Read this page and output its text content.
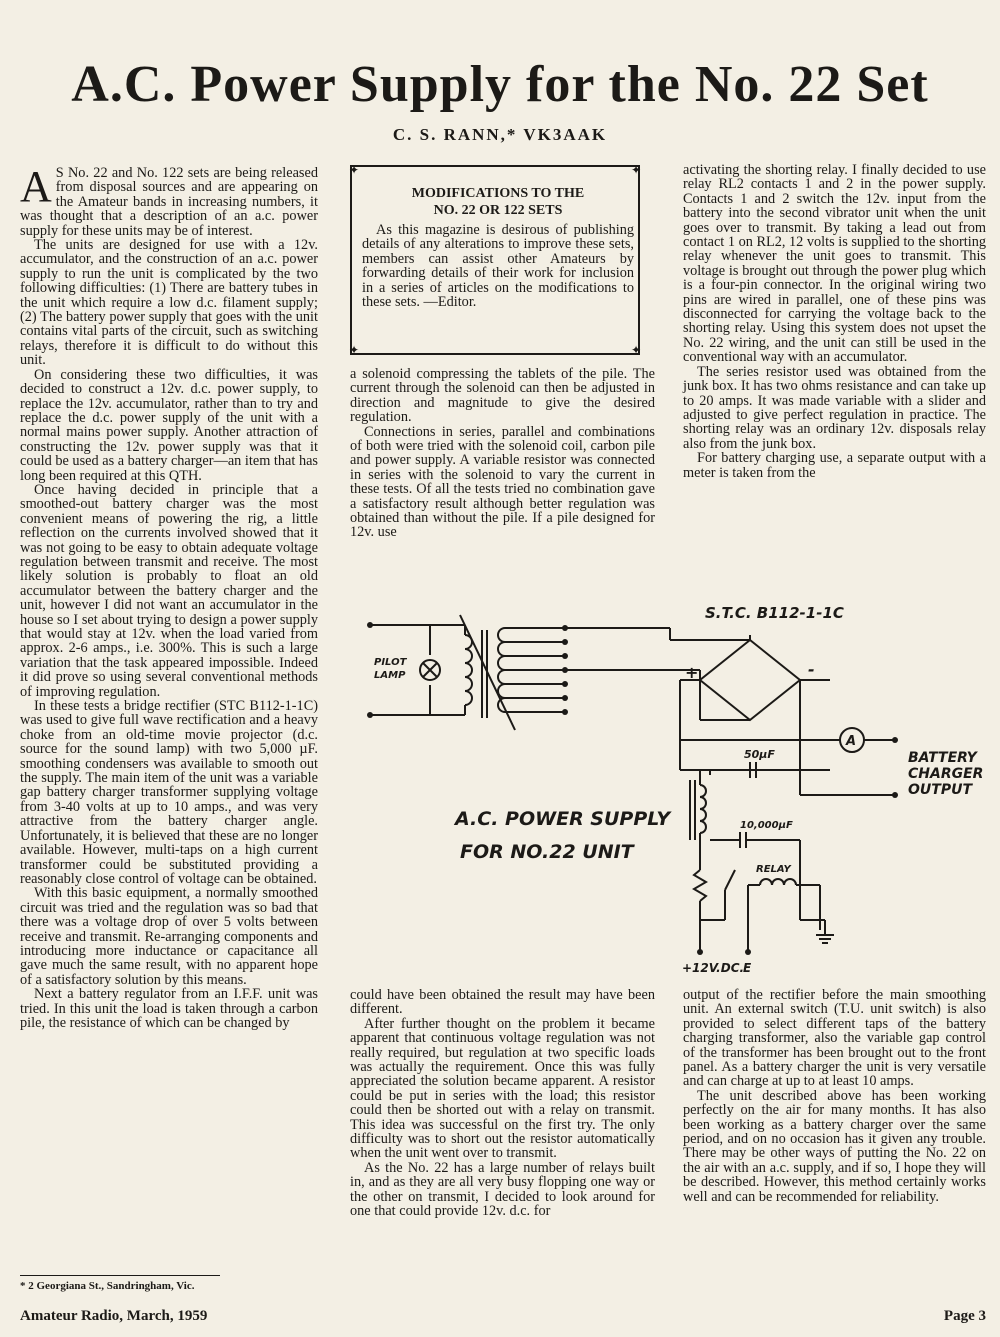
A.C. Power Supply for the No. 22 Set
C. S. RANN,* VK3AAK

A S No. 22 and No. 122 sets are being released from disposal sources and are appearing on the Amateur bands in increasing numbers, it was thought that a description of an a.c. power supply for these units may be of interest.

The units are designed for use with a 12v. accumulator, and the construction of an a.c. power supply to run the unit is complicated by the two following difficulties: (1) There are battery tubes in the unit which require a low d.c. filament supply; (2) The battery power supply that goes with the unit contains vital parts of the circuit, such as switching relays, therefore it is difficult to do without this unit.

On considering these two difficulties, it was decided to construct a 12v. d.c. power supply, to replace the 12v. accumulator, rather than to try and replace the d.c. power supply of the unit with a normal mains power supply. Another attraction of constructing the 12v. power supply was that it could be used as a battery charger—an item that has long been required at this QTH.

Once having decided in principle that a smoothed-out battery charger was the most convenient means of powering the rig, a little reflection on the currents involved showed that it was not going to be easy to obtain adequate voltage regulation between transmit and receive. The most likely solution is probably to float an old accumulator between the battery charger and the unit, however I did not want an accumulator in the house so I set about trying to design a power supply that would stay at 12v. when the load varied from approx. 2-6 amps., i.e. 300%. This is such a large variation that the task appeared impossible. Indeed it did prove so using several conventional methods of improving regulation.

In these tests a bridge rectifier (STC B112-1-1C) was used to give full wave rectification and a heavy choke from an old-time movie projector (d.c. source for the sound lamp) with two 5,000 µF. smoothing condensers was available to smooth out the supply. The main item of the unit was a variable gap battery charger transformer supplying voltage from 3-40 volts at up to 10 amps., and was very attractive from the battery charger angle. Unfortunately, it is believed that these are no longer available. However, multi-taps on a high current transformer could be substituted providing a reasonably close control of voltage can be obtained.

With this basic equipment, a normally smoothed circuit was tried and the regulation was so bad that there was a voltage drop of over 5 volts between receive and transmit. Re-arranging components and introducing more inductance or capacitance all gave much the same result, with no apparent hope of a satisfactory solution by this means.

Next a battery regulator from an I.F.F. unit was tried. In this unit the load is taken through a carbon pile, the resistance of which can be changed by

✦	✦
✦	✦
MODIFICATIONS TO THE
NO. 22 OR 122 SETS

As this magazine is desirous of publishing details of any alterations to improve these sets, members can assist other Amateurs by forwarding details of their work for inclusion in a series of articles on the modifications to these sets. —Editor.

a solenoid compressing the tablets of the pile. The current through the solenoid can then be adjusted in direction and magnitude to give the desired regulation.

Connections in series, parallel and combinations of both were tried with the solenoid coil, carbon pile and power supply. A variable resistor was connected in series with the solenoid to vary the current in these tests. Of all the tests tried no combination gave a satisfactory result although better regulation was obtained than without the pile. If a pile designed for 12v. use

could have been obtained the result may have been different.

After further thought on the problem it became apparent that continuous voltage regulation was not really required, but regulation at two specific loads was actually the requirement. Once this was fully appreciated the solution became apparent. A resistor could be put in series with the load; this resistor could then be shorted out with a relay on transmit. This idea was successful on the first try. The only difficulty was to short out the resistor automatically when the unit went over to transmit.

As the No. 22 has a large number of relays built in, and as they are all very busy flopping one way or the other on transmit, I decided to look around for one that could provide 12v. d.c. for

activating the shorting relay. I finally decided to use relay RL2 contacts 1 and 2 in the power supply. Contacts 1 and 2 switch the 12v. input from the battery into the second vibrator unit when the unit goes over to transmit. By taking a lead out from contact 1 on RL2, 12 volts is supplied to the shorting relay whenever the unit goes to transmit. This voltage is brought out through the power plug which is a four-pin connector. In the original wiring two pins are wired in parallel, one of these pins was disconnected for carrying the voltage back to the shorting relay. Using this system does not upset the No. 22 wiring, and the unit can still be used in the conventional way with an accumulator.

The series resistor used was obtained from the junk box. It has two ohms resistance and can take up to 20 amps. It was made variable with a slider and adjusted to give perfect regulation in practice. The shorting relay was an ordinary 12v. disposals relay also from the junk box.

For battery charging use, a separate output with a meter is taken from the

output of the rectifier before the main smoothing unit. An external switch (T.U. unit switch) is also provided to select different taps of the battery charging transformer, also the variable gap control of the transformer has been brought out to the front panel. As a battery charger the unit is very versatile and can charge at up to at least 10 amps.

The unit described above has been working perfectly on the air for many months. It has also been working as a battery charger over the same period, and on no occasion has it given any trouble. There may be other ways of putting the No. 22 on the air with an a.c. supply, and if so, I hope they will be described. However, this method certainly works well and can be recommended for reliability.

S.T.C. B112-1-1C
PILOT
LAMP	+	-
A
BATTERY
CHARGER
OUTPUT
50µF
10,000µF
RELAY
A.C. POWER SUPPLY
FOR NO.22 UNIT
+12V.DC.
E
* 2 Georgiana St., Sandringham, Vic.
Amateur Radio, March, 1959	Page 3
